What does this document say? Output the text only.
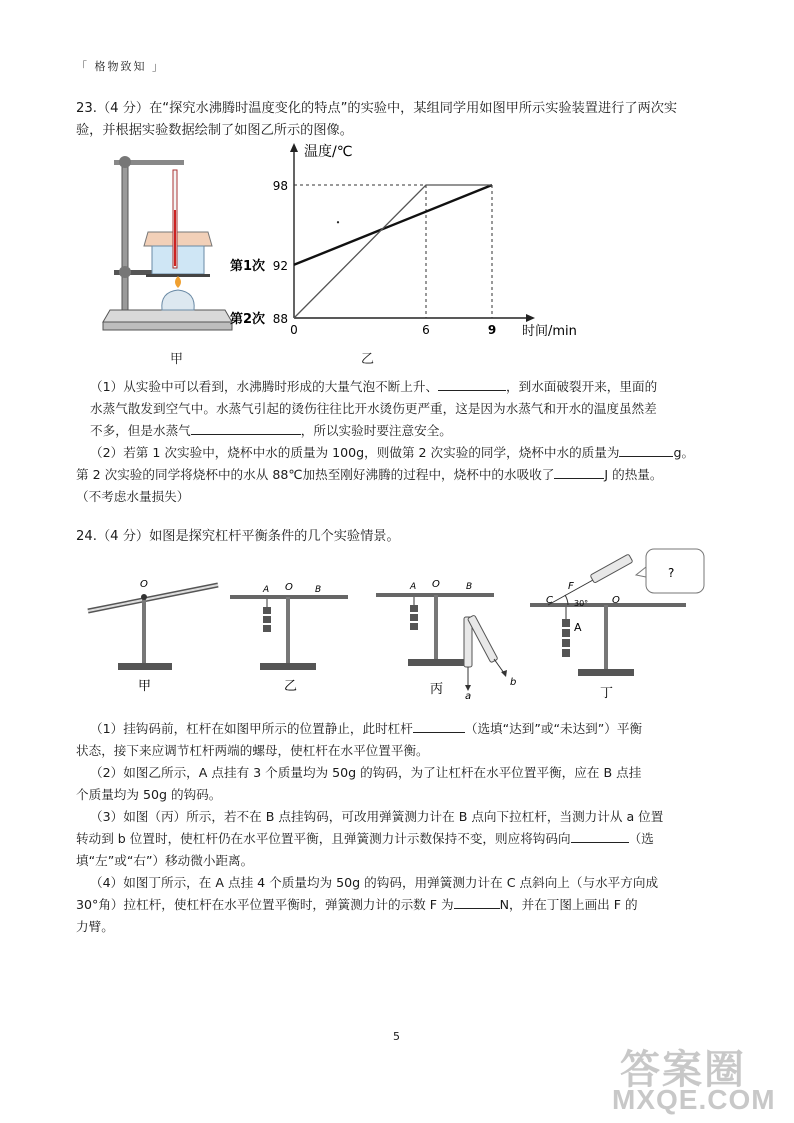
「 格物致知 」
23.（4 分）在“探究水沸腾时温度变化的特点”的实验中，某组同学用如图甲所示实验装置进行了两次实
验，并根据实验数据绘制了如图乙所示的图像。
甲
第1次
第2次 88
92
98
0	6	9
温度/℃
时间/min
乙
（1）从实验中可以看到，水沸腾时形成的大量气泡不断上升、	，到水面破裂开来，里面的
水蒸气散发到空气中。水蒸气引起的烫伤往往比开水烫伤更严重，这是因为水蒸气和开水的温度虽然差
不多，但是水蒸气	，所以实验时要注意安全。
（2）若第 1 次实验中，烧杯中水的质量为 100g，则做第 2 次实验的同学，烧杯中水的质量为	g。
第 2 次实验的同学将烧杯中的水从 88℃加热至刚好沸腾的过程中，烧杯中的水吸收了	J 的热量。
（不考虑水量损失）
24.（4 分）如图是探究杠杆平衡条件的几个实验情景。
O	A O B	A O	B
a
b
?
C
F
30° O
A
甲	乙	丙	丁
（1）挂钩码前，杠杆在如图甲所示的位置静止，此时杠杆	（选填“达到”或“未达到”）平衡
状态，接下来应调节杠杆两端的螺母，使杠杆在水平位置平衡。
（2）如图乙所示，A 点挂有 3 个质量均为 50g 的钩码，为了让杠杆在水平位置平衡，应在 B 点挂
个质量均为 50g 的钩码。
（3）如图（丙）所示，若不在 B 点挂钩码，可改用弹簧测力计在 B 点向下拉杠杆，当测力计从 a 位置
转动到 b 位置时，使杠杆仍在水平位置平衡，且弹簧测力计示数保持不变，则应将钩码向	（选
填“左”或“右”）移动微小距离。
（4）如图丁所示，在 A 点挂 4 个质量均为 50g 的钩码，用弹簧测力计在 C 点斜向上（与水平方向成
30°角）拉杠杆，使杠杆在水平位置平衡时，弹簧测力计的示数 F 为	N，并在丁图上画出 F 的
力臂。
5
答案圈
MXQE.COM
